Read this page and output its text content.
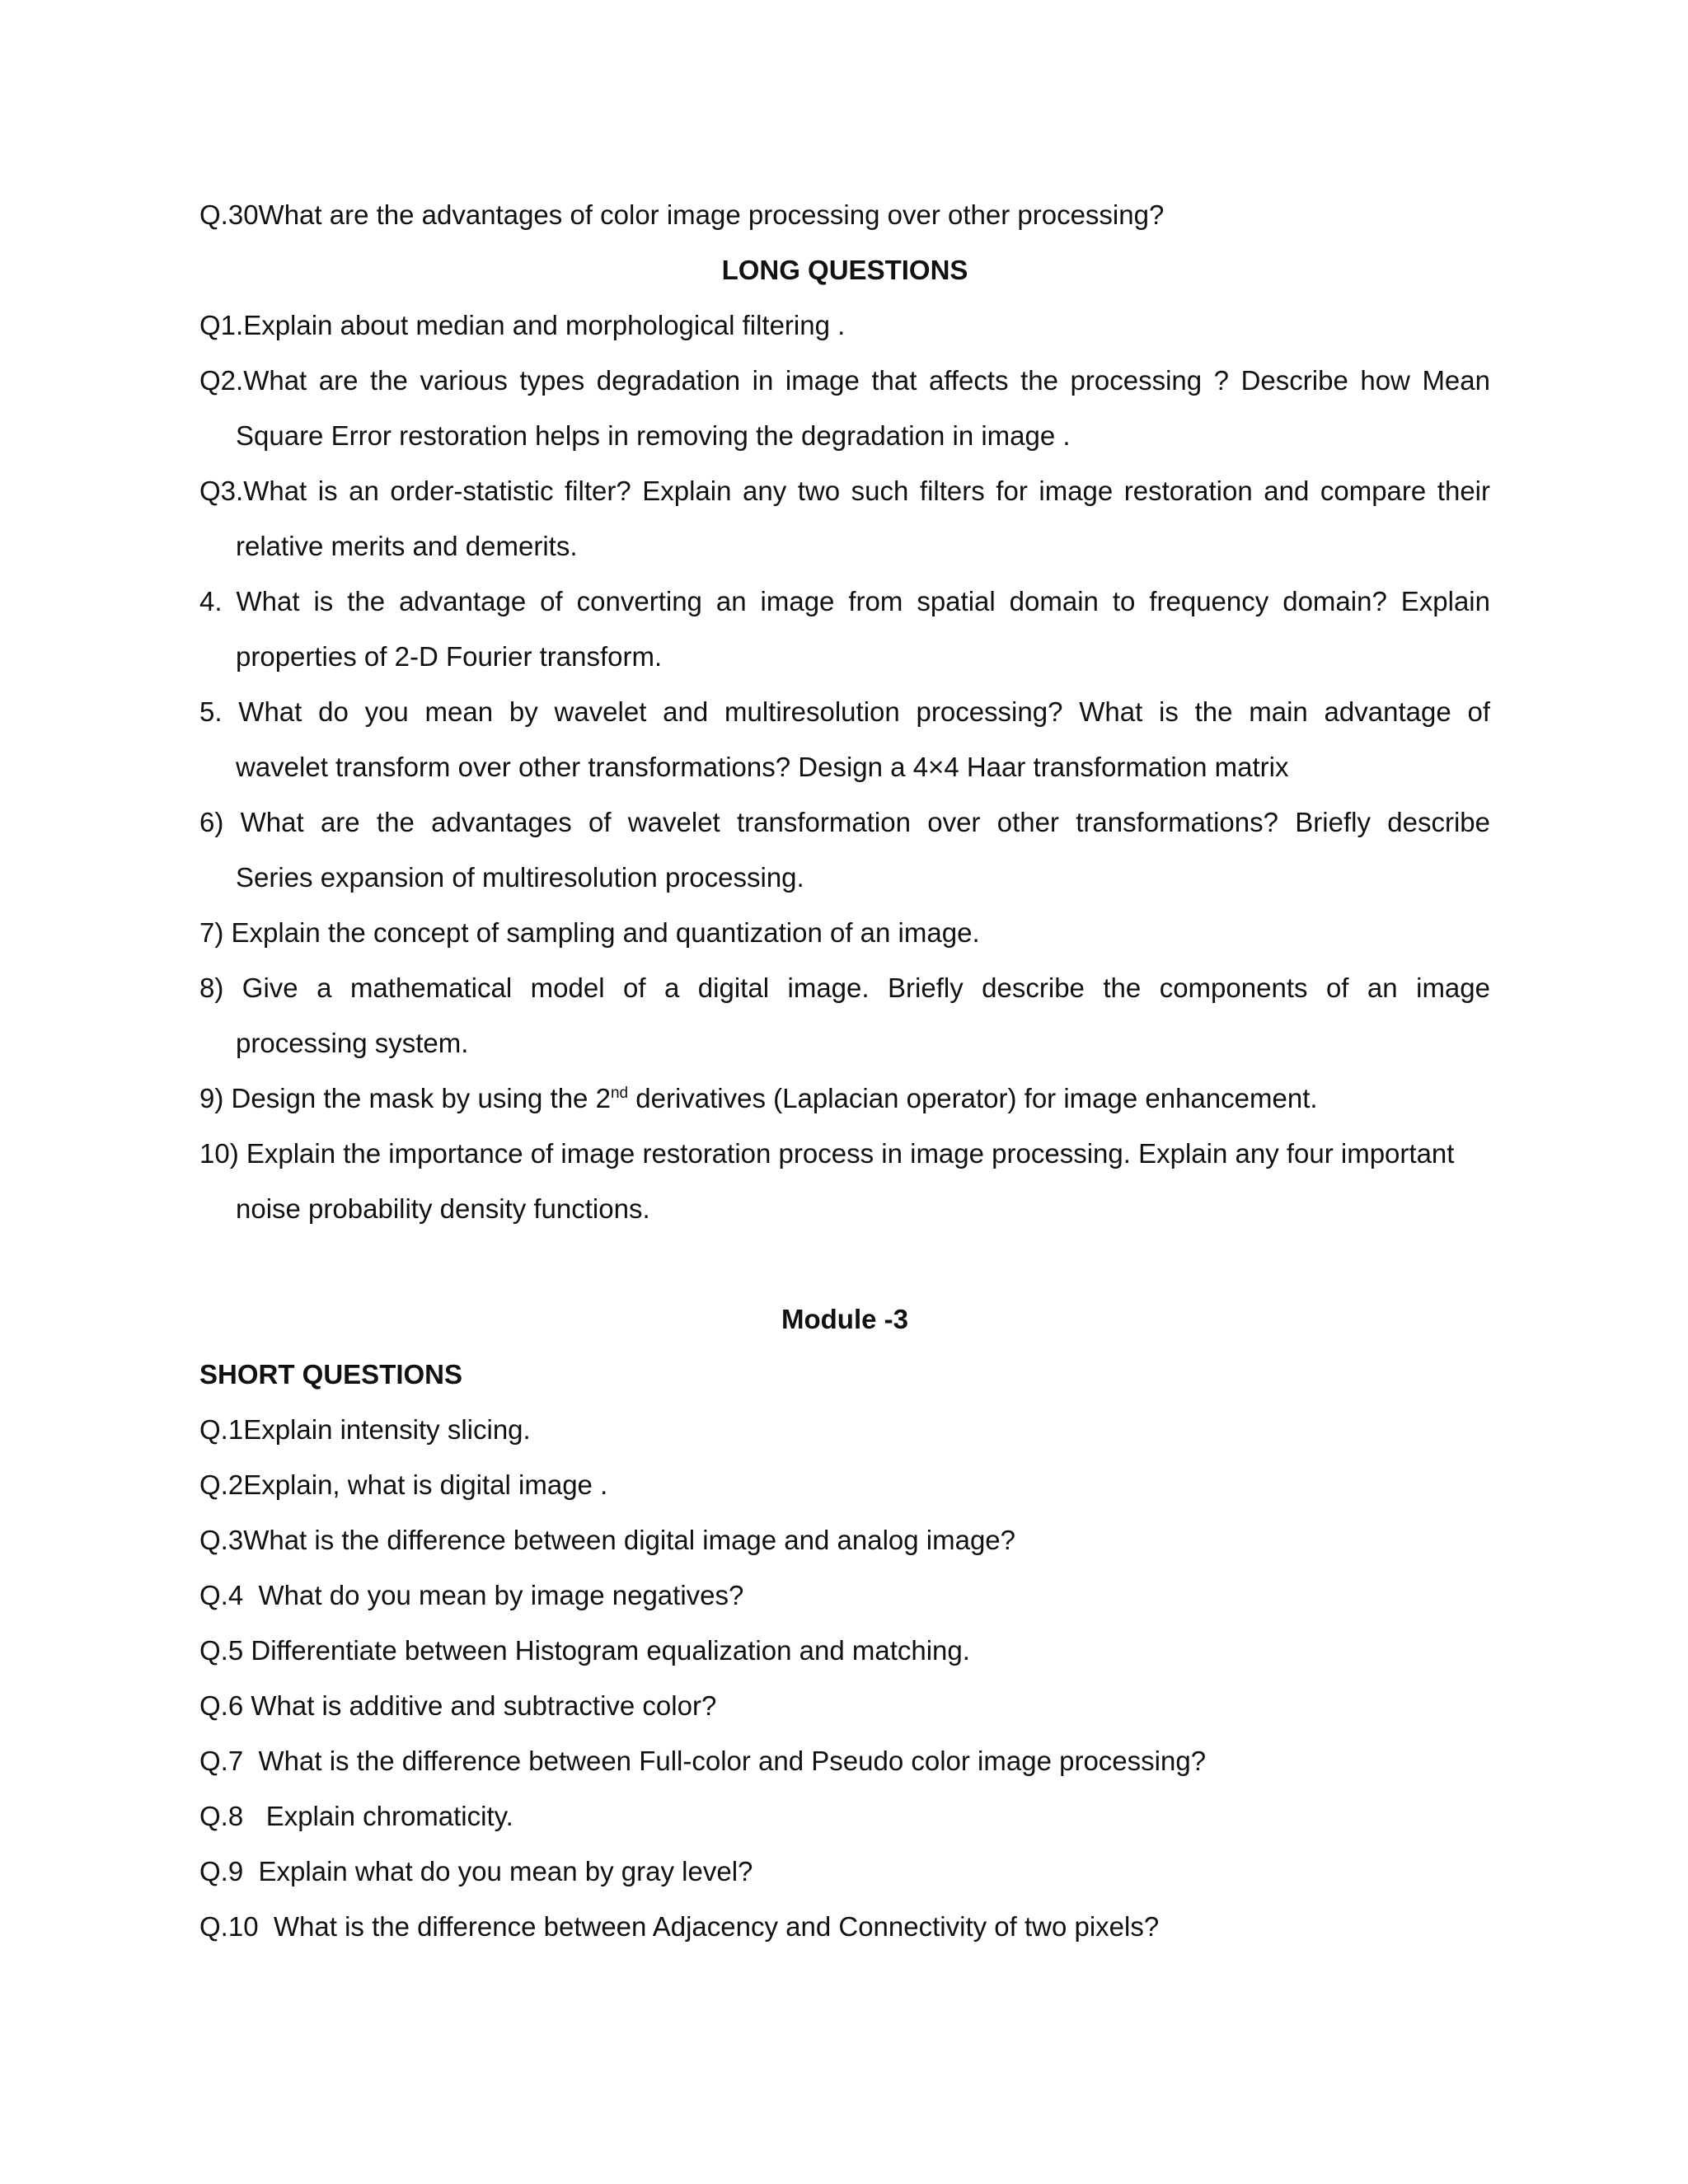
Q.30What are the advantages of color image processing over other processing?
LONG QUESTIONS
Q1.Explain about median and morphological filtering .
Q2.What are the various types degradation in image that affects the processing ? Describe how Mean
Square Error restoration helps in removing the degradation in image .
Q3.What is an order-statistic filter? Explain any two such filters for image restoration and compare their
relative merits and demerits.
4. What is the advantage of converting an image from spatial domain to frequency domain? Explain
properties of 2-D Fourier transform.
5. What do you mean by wavelet and multiresolution processing? What is the main advantage of
wavelet transform over other transformations? Design a 4×4 Haar transformation matrix
6) What are the advantages of wavelet transformation over other transformations? Briefly describe
Series expansion of multiresolution processing.
7) Explain the concept of sampling and quantization of an image.
8) Give a mathematical model of a digital image. Briefly describe the components of an image
processing system.
9) Design the mask by using the 2nd derivatives (Laplacian operator) for image enhancement.
10) Explain the importance of image restoration process in image processing. Explain any four important
noise probability density functions.
Module -3
SHORT QUESTIONS
Q.1Explain intensity slicing.
Q.2Explain, what is digital image .
Q.3What is the difference between digital image and analog image?
Q.4  What do you mean by image negatives?
Q.5 Differentiate between Histogram equalization and matching.
Q.6 What is additive and subtractive color?
Q.7  What is the difference between Full-color and Pseudo color image processing?
Q.8   Explain chromaticity.
Q.9  Explain what do you mean by gray level?
Q.10  What is the difference between Adjacency and Connectivity of two pixels?
